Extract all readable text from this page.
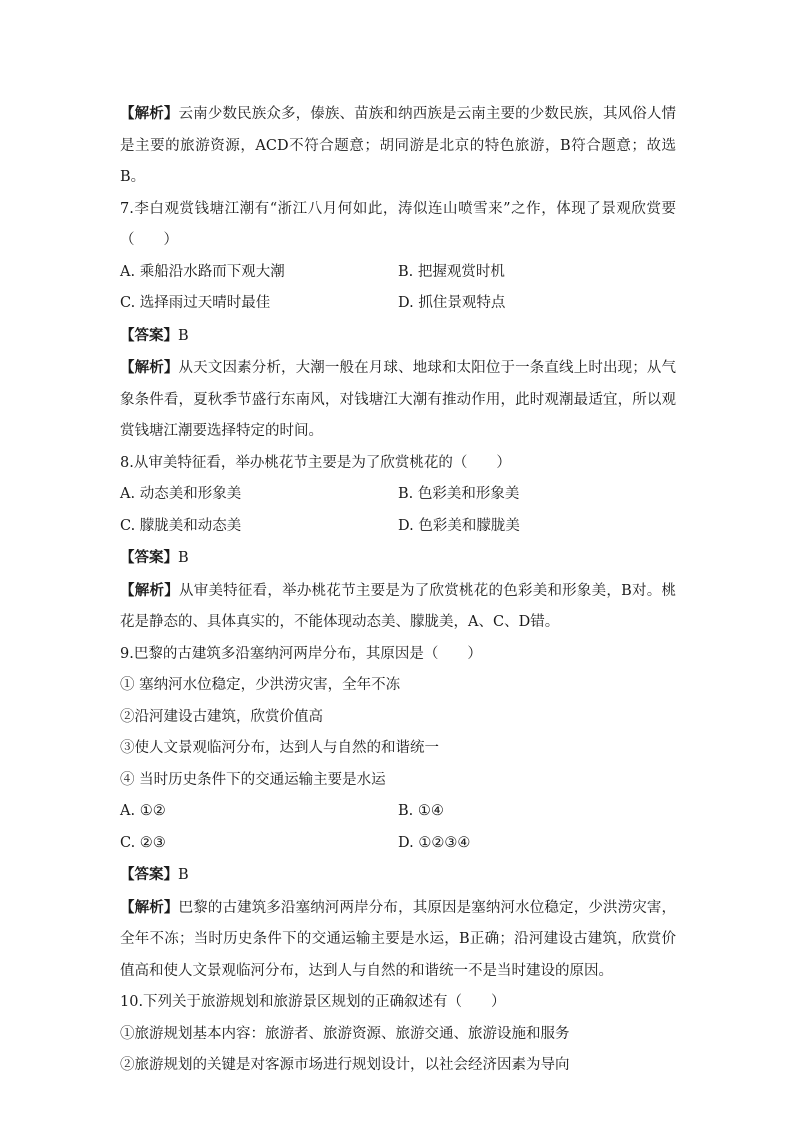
【解析】云南少数民族众多，傣族、苗族和纳西族是云南主要的少数民族，其风俗人情是主要的旅游资源，ACD不符合题意；胡同游是北京的特色旅游，B符合题意；故选B。

7.李白观赏钱塘江潮有“浙江八月何如此，涛似连山喷雪来”之作，体现了景观欣赏要（　　）

A. 乘船沿水路而下观大潮	B. 把握观赏时机
C. 选择雨过天晴时最佳	D. 抓住景观特点

【答案】B

【解析】从天文因素分析，大潮一般在月球、地球和太阳位于一条直线上时出现；从气象条件看，夏秋季节盛行东南风，对钱塘江大潮有推动作用，此时观潮最适宜，所以观赏钱塘江潮要选择特定的时间。

8.从审美特征看，举办桃花节主要是为了欣赏桃花的（　　）

A. 动态美和形象美	B. 色彩美和形象美
C. 朦胧美和动态美	D. 色彩美和朦胧美

【答案】B

【解析】从审美特征看，举办桃花节主要是为了欣赏桃花的色彩美和形象美，B对。桃花是静态的、具体真实的，不能体现动态美、朦胧美，A、C、D错。

9.巴黎的古建筑多沿塞纳河两岸分布，其原因是（　　）

① 塞纳河水位稳定，少洪涝灾害，全年不冻

②沿河建设古建筑，欣赏价值高

③使人文景观临河分布，达到人与自然的和谐统一

④ 当时历史条件下的交通运输主要是水运

A. ①②	B. ①④
C. ②③	D. ①②③④

【答案】B

【解析】巴黎的古建筑多沿塞纳河两岸分布，其原因是塞纳河水位稳定，少洪涝灾害，全年不冻；当时历史条件下的交通运输主要是水运，B正确；沿河建设古建筑，欣赏价值高和使人文景观临河分布，达到人与自然的和谐统一不是当时建设的原因。

10.下列关于旅游规划和旅游景区规划的正确叙述有（　　）

①旅游规划基本内容：旅游者、旅游资源、旅游交通、旅游设施和服务

②旅游规划的关键是对客源市场进行规划设计，以社会经济因素为导向
